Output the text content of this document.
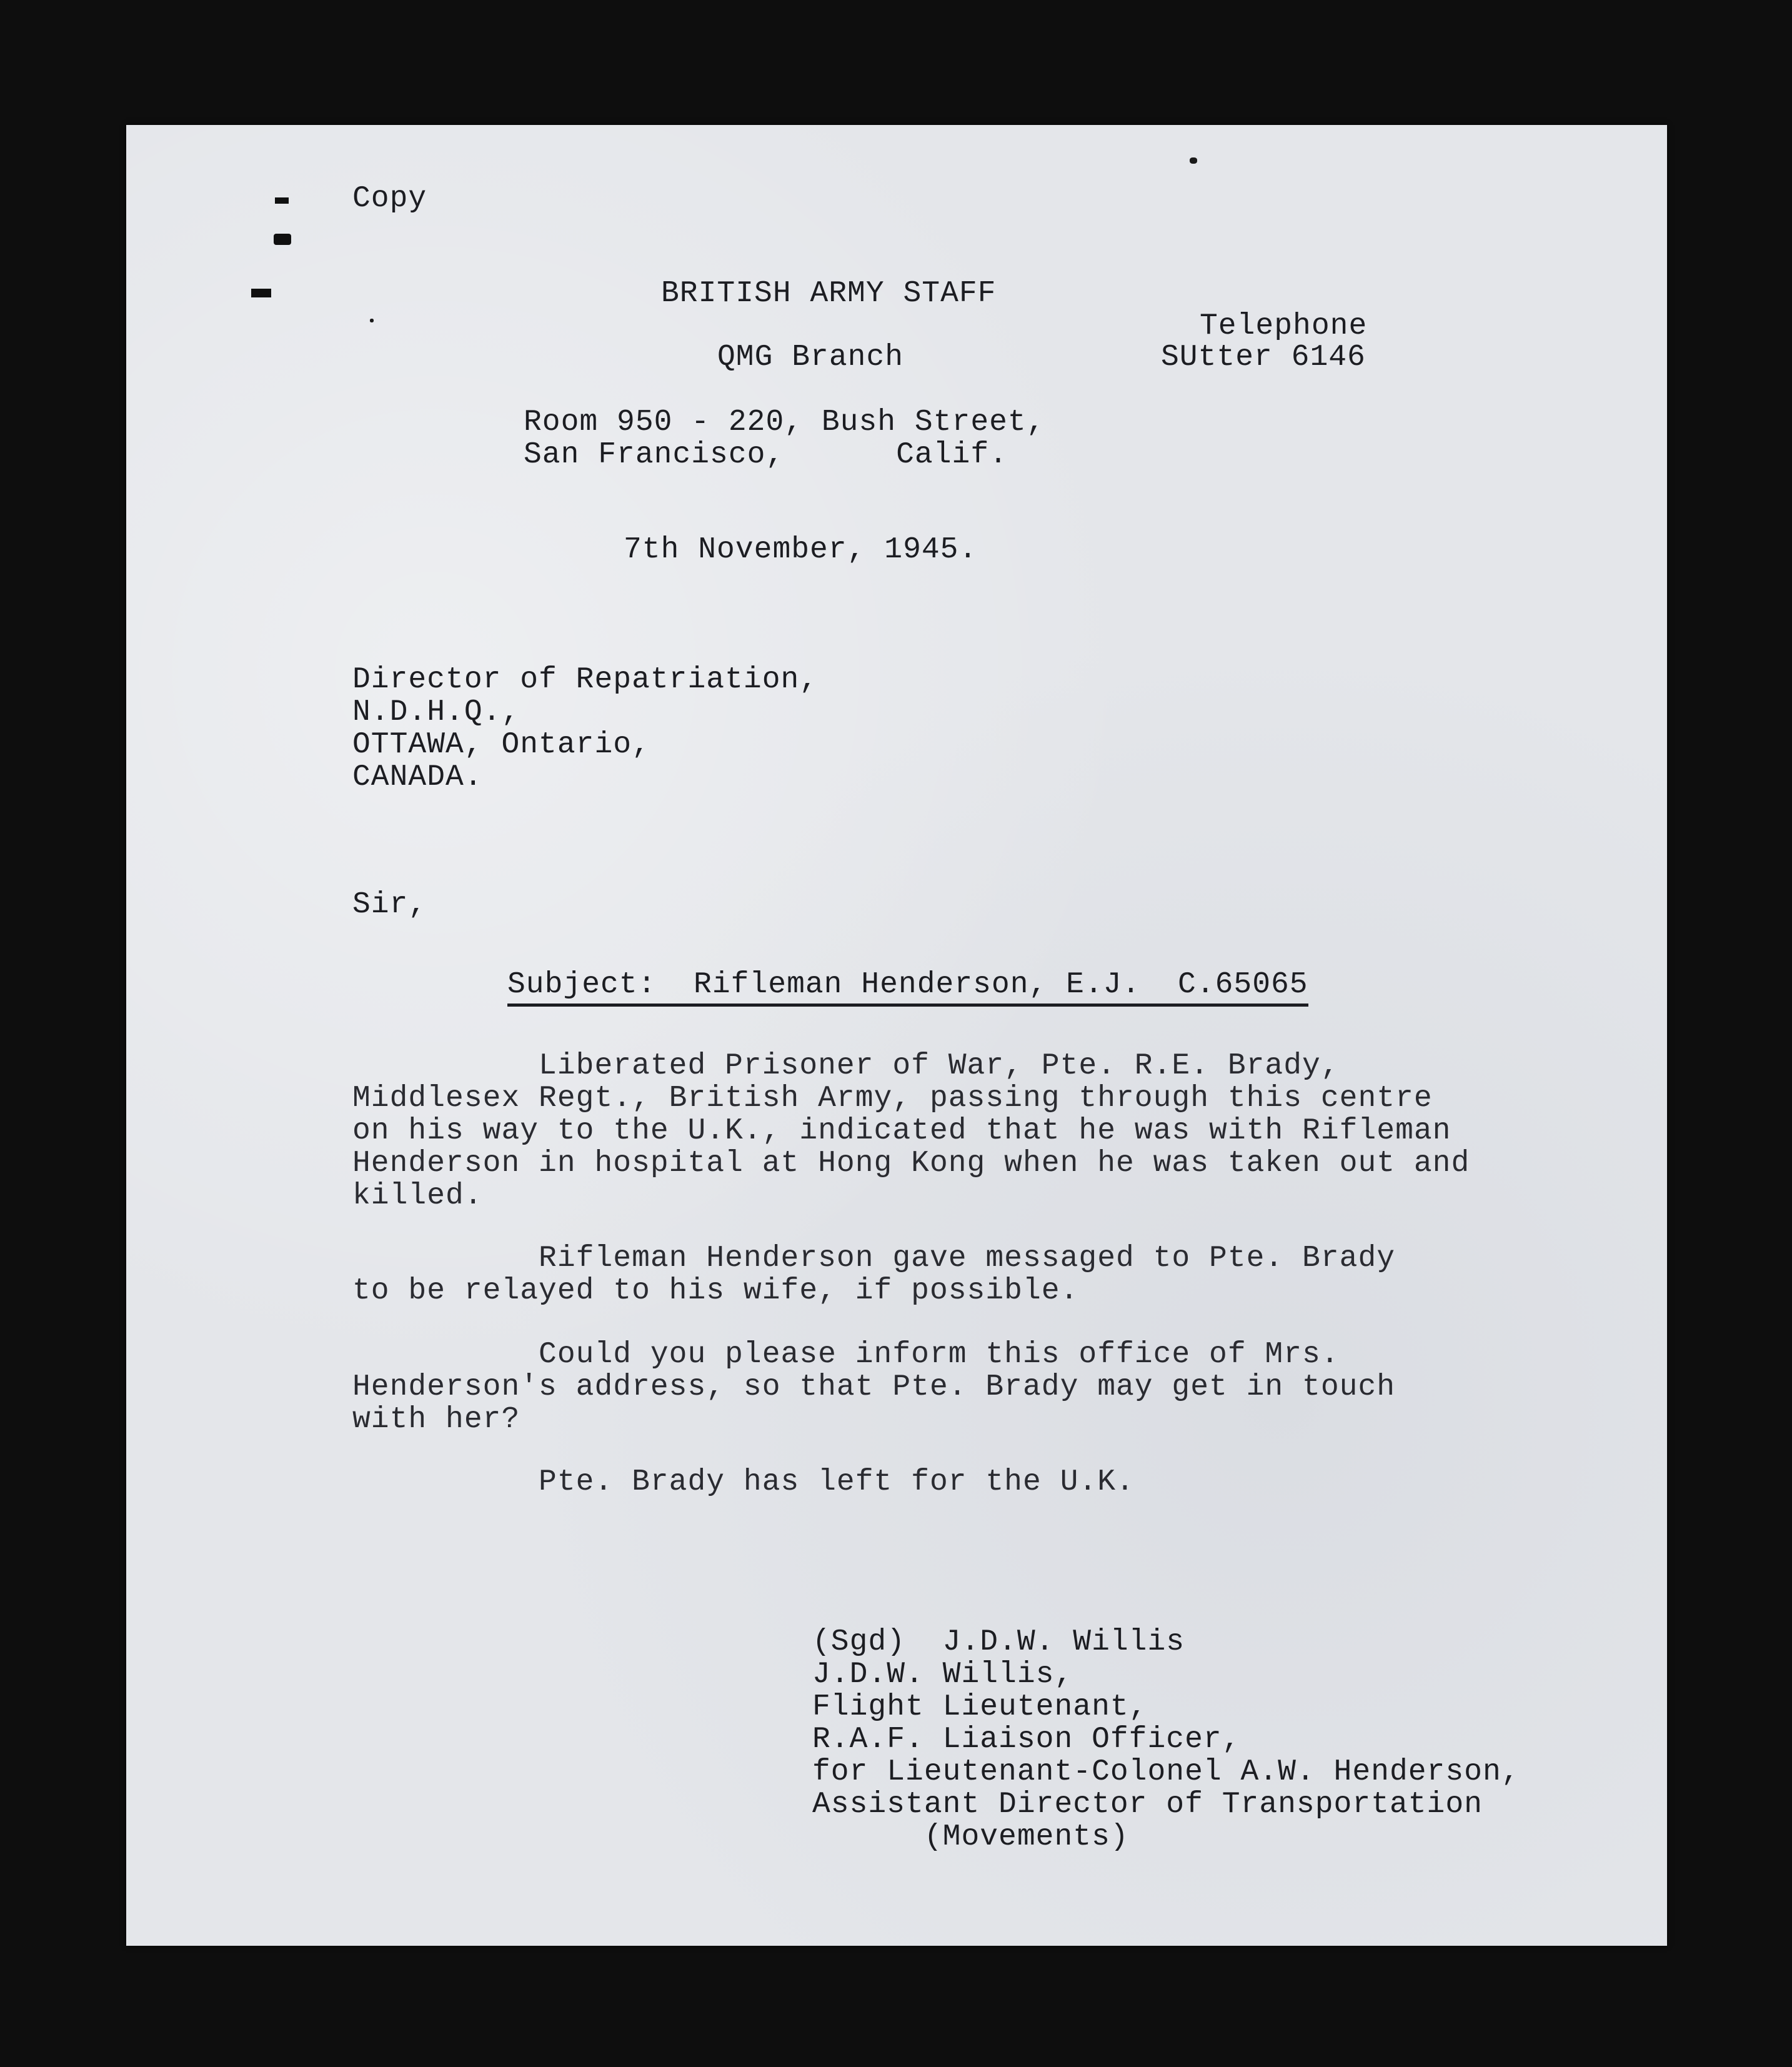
Copy
BRITISH ARMY STAFF
Telephone
QMG Branch	SUtter 6146
Room 950 - 220, Bush Street,
San Francisco,      Calif.
7th November, 1945.
Director of Repatriation,
N.D.H.Q.,
OTTAWA, Ontario,
CANADA.
Sir,
Subject:  Rifleman Henderson, E.J.  C.65065
Liberated Prisoner of War, Pte. R.E. Brady,
Middlesex Regt., British Army, passing through this centre
on his way to the U.K., indicated that he was with Rifleman
Henderson in hospital at Hong Kong when he was taken out and
killed.
Rifleman Henderson gave messaged to Pte. Brady
to be relayed to his wife, if possible.
Could you please inform this office of Mrs.
Henderson's address, so that Pte. Brady may get in touch
with her?
Pte. Brady has left for the U.K.
(Sgd)  J.D.W. Willis
J.D.W. Willis,
Flight Lieutenant,
R.A.F. Liaison Officer,
for Lieutenant-Colonel A.W. Henderson,
Assistant Director of Transportation
(Movements)
